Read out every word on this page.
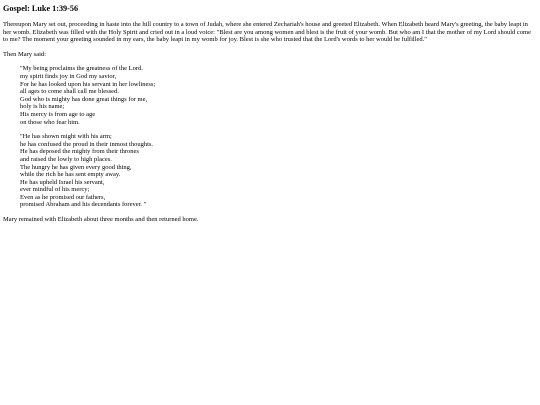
Gospel: Luke 1:39-56

Thereupon Mary set out, proceeding in haste into the hill country to a town of Judah, where she entered Zechariah's house and greeted Elizabeth. When Elizabeth heard Mary's greeting, the baby leapt in her womb. Elizabeth was filled with the Holy Spirit and cried out in a loud voice: "Blest are you among women and blest is the fruit of your womb. But who am I that the mother of my Lord should come to me? The moment your greeting sounded in my ears, the baby leapt in my womb for joy. Blest is she who trusted that the Lord's words to her would be fulfilled."

Then Mary said:

"My being proclaims the greatness of the Lord.
my spirit finds joy in God my savior,
For he has looked upon his servant in her lowliness;
all ages to come shall call me blessed.
God who is mighty has done great things for me,
holy is his name;
His mercy is from age to age
on those who fear him.
"He has shown might with his arm;
he has confused the proud in their inmost thoughts.
He has deposed the mighty from their thrones
and raised the lowly to high places.
The hungry he has given every good thing,
while the rich he has sent empty away.
He has upheld Israel his servant,
ever mindful of his mercy;
Even as he promised our fathers,
promised Abraham and his decendants forever. "

Mary remained with Elizabeth about three months and then returned home.
